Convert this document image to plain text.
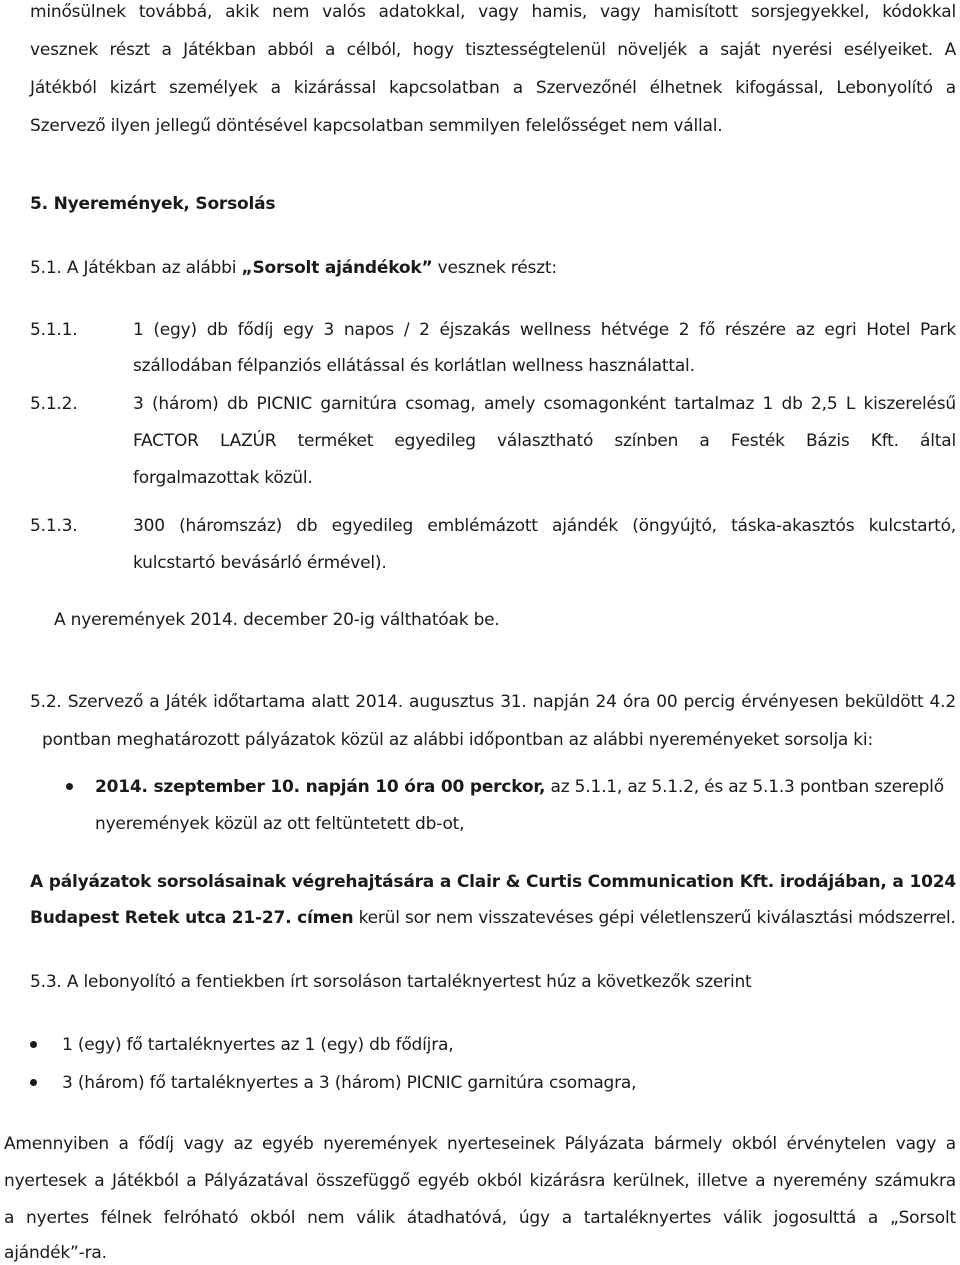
minősülnek továbbá, akik nem valós adatokkal, vagy hamis, vagy hamisított sorsjegyekkel, kódokkal
vesznek részt a Játékban abból a célból, hogy tisztességtelenül növeljék a saját nyerési esélyeiket. A
Játékból kizárt személyek a kizárással kapcsolatban a Szervezőnél élhetnek kifogással, Lebonyolító a
Szervező ilyen jellegű döntésével kapcsolatban semmilyen felelősséget nem vállal.
5. Nyeremények, Sorsolás
5.1. A Játékban az alábbi „Sorsolt ajándékok” vesznek részt:
5.1.1.	1 (egy) db fődíj egy 3 napos / 2 éjszakás wellness hétvége 2 fő részére az egri Hotel Park
szállodában félpanziós ellátással és korlátlan wellness használattal.
5.1.2.	3 (három) db PICNIC garnitúra csomag, amely csomagonként tartalmaz 1 db 2,5 L kiszerelésű
FACTOR LAZÚR terméket egyedileg választható színben a Festék Bázis Kft. által
forgalmazottak közül.
5.1.3.	300 (háromszáz) db egyedileg emblémázott ajándék (öngyújtó, táska-akasztós kulcstartó,
kulcstartó bevásárló érmével).
A nyeremények 2014. december 20-ig válthatóak be.
5.2. Szervező a Játék időtartama alatt 2014. augusztus 31. napján 24 óra 00 percig érvényesen beküldött 4.2
pontban meghatározott pályázatok közül az alábbi időpontban az alábbi nyereményeket sorsolja ki:
2014. szeptember 10. napján 10 óra 00 perckor, az 5.1.1, az 5.1.2, és az 5.1.3 pontban szereplő
nyeremények közül az ott feltüntetett db-ot,
A pályázatok sorsolásainak végrehajtására a Clair & Curtis Communication Kft. irodájában, a 1024
Budapest Retek utca 21-27. címen kerül sor nem visszatevéses gépi véletlenszerű kiválasztási módszerrel.
5.3. A lebonyolító a fentiekben írt sorsoláson tartaléknyertest húz a következők szerint
1 (egy) fő tartaléknyertes az 1 (egy) db fődíjra,
3 (három) fő tartaléknyertes a 3 (három) PICNIC garnitúra csomagra,
Amennyiben a fődíj vagy az egyéb nyeremények nyerteseinek Pályázata bármely okból érvénytelen vagy a
nyertesek a Játékból a Pályázatával összefüggő egyéb okból kizárásra kerülnek, illetve a nyeremény számukra
a nyertes félnek felróható okból nem válik átadhatóvá, úgy a tartaléknyertes válik jogosulttá a „Sorsolt
ajándék”-ra.
